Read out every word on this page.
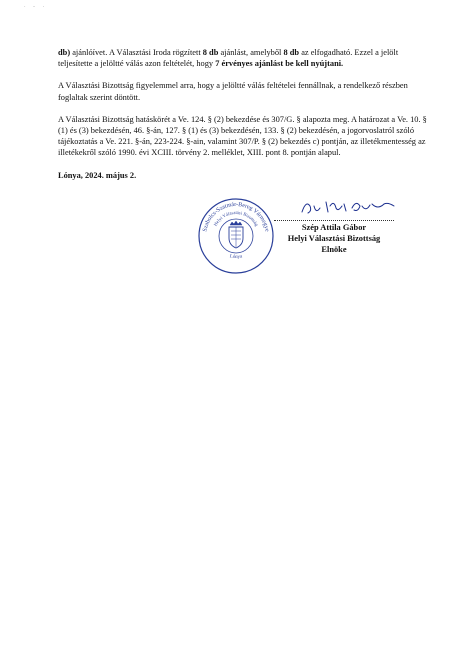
· ‐ ·

db) ajánlóívet. A Választási Iroda rögzített 8 db ajánlást, amelyből 8 db az elfogadható. Ezzel a jelölt teljesítette a jelöltté válás azon feltételét, hogy 7 érvényes ajánlást be kell nyújtani.

A Választási Bizottság figyelemmel arra, hogy a jelöltté válás feltételei fennállnak, a rendelkező részben foglaltak szerint döntött.

A Választási Bizottság hatáskörét a Ve. 124. § (2) bekezdése és 307/G. § alapozta meg. A határozat a Ve. 10. § (1) és (3) bekezdésén, 46. §-án, 127. § (1) és (3) bekezdésén, 133. § (2) bekezdésén, a jogorvoslatról szóló tájékoztatás a Ve. 221. §-án, 223-224. §-ain, valamint 307/P. § (2) bekezdés c) pontján, az illetékmentesség az illetékekről szóló 1990. évi XCIII. törvény 2. melléklet, XIII. pont 8. pontján alapul.

Lónya, 2024. május 2.
Szabolcs-Szatmár-Bereg Vármegye
Helyi Választási Bizottság
Lónya
Szép Attila Gábor
Helyi Választási Bizottság
Elnöke
